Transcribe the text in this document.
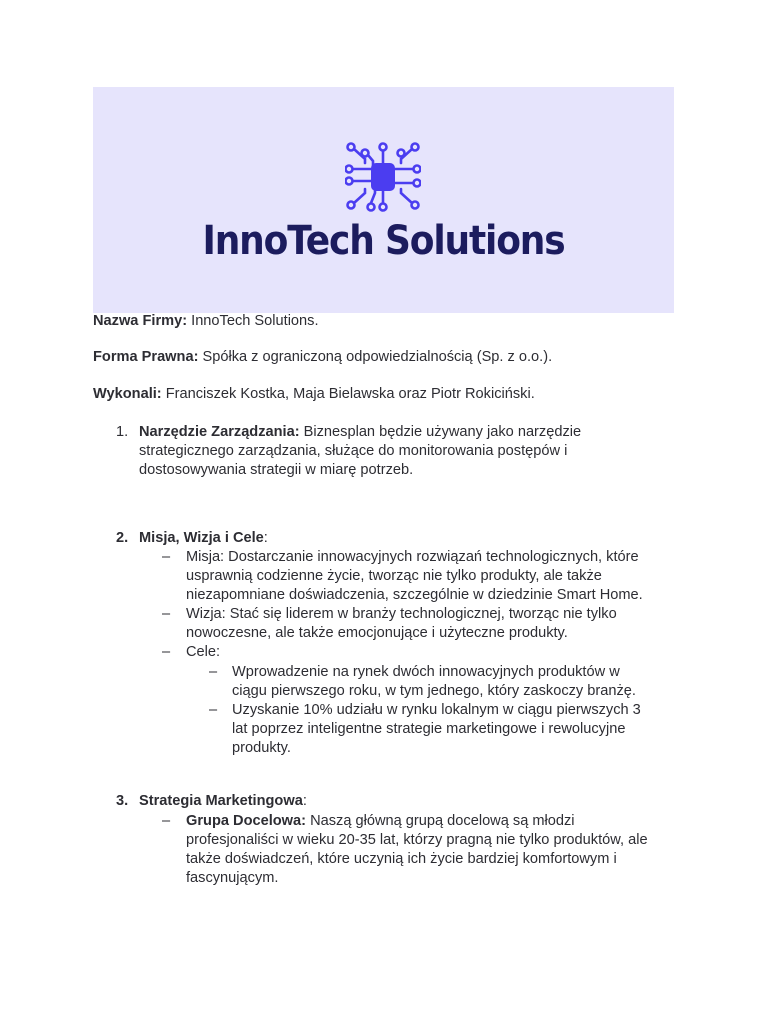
InnoTech Solutions
Nazwa Firmy: InnoTech Solutions.
Forma Prawna: Spółka z ograniczoną odpowiedzialnością (Sp. z o.o.).
Wykonali: Franciszek Kostka, Maja Bielawska oraz Piotr Rokiciński.
1. Narzędzie Zarządzania: Biznesplan będzie używany jako narzędzie

strategicznego zarządzania, służące do monitorowania postępów i

dostosowywania strategii w miarę potrzeb.

2. Misja, Wizja i Cele:
– Misja: Dostarczanie innowacyjnych rozwiązań technologicznych, które

usprawnią codzienne życie, tworząc nie tylko produkty, ale także

niezapomniane doświadczenia, szczególnie w dziedzinie Smart Home.

– Wizja: Stać się liderem w branży technologicznej, tworząc nie tylko

nowoczesne, ale także emocjonujące i użyteczne produkty.

– Cele:
– Wprowadzenie na rynek dwóch innowacyjnych produktów w

ciągu pierwszego roku, w tym jednego, który zaskoczy branżę.

– Uzyskanie 10% udziału w rynku lokalnym w ciągu pierwszych 3

lat poprzez inteligentne strategie marketingowe i rewolucyjne

produkty.

3. Strategia Marketingowa:
– Grupa Docelowa: Naszą główną grupą docelową są młodzi

profesjonaliści w wieku 20-35 lat, którzy pragną nie tylko produktów, ale

także doświadczeń, które uczynią ich życie bardziej komfortowym i

fascynującym.
